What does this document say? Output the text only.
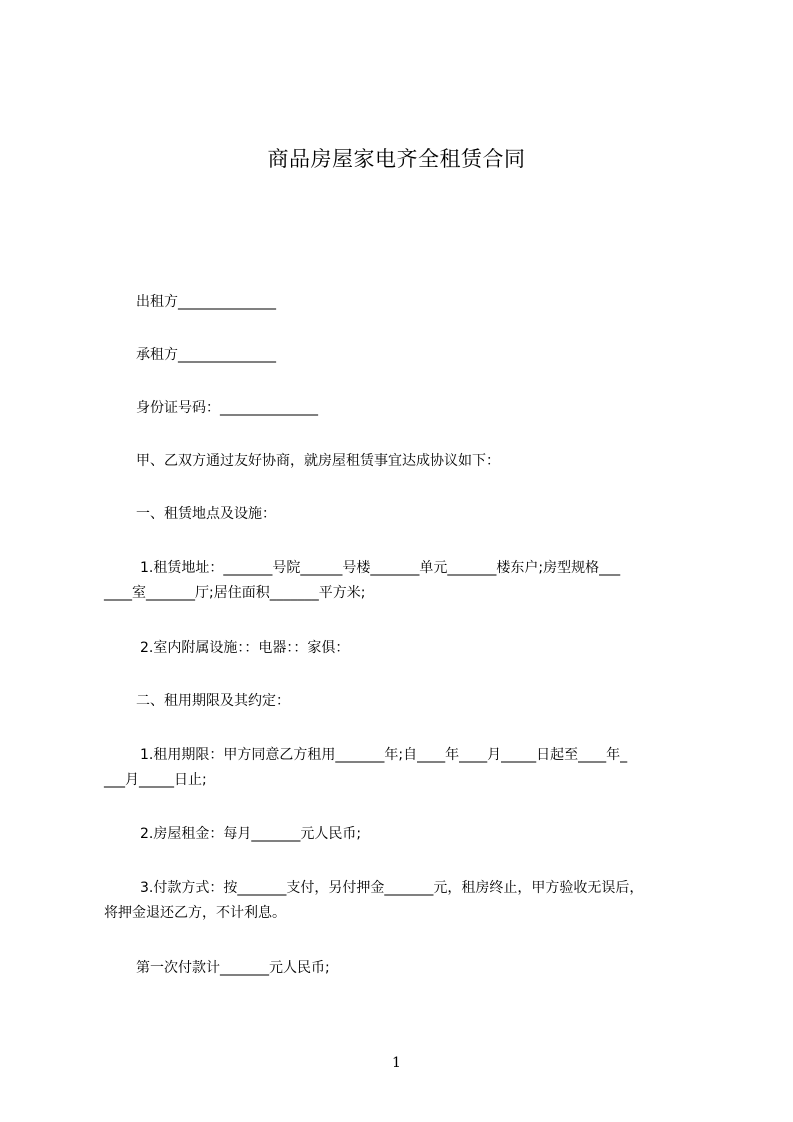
商品房屋家电齐全租赁合同
出租方______________
承租方______________
身份证号码：______________
甲、乙双方通过友好协商，就房屋租赁事宜达成协议如下：
一、租赁地点及设施：
1.租赁地址：_______号院______号楼_______单元_______楼东户;房型规格___
____室_______厅;居住面积_______平方米;
2.室内附属设施：：电器：：家俱：
二、租用期限及其约定：
1.租用期限：甲方同意乙方租用_______年;自____年____月_____日起至____年_
___月_____日止;
2.房屋租金：每月_______元人民币;
3.付款方式：按_______支付，另付押金_______元，租房终止，甲方验收无误后，
将押金退还乙方，不计利息。
第一次付款计_______元人民币;
1
